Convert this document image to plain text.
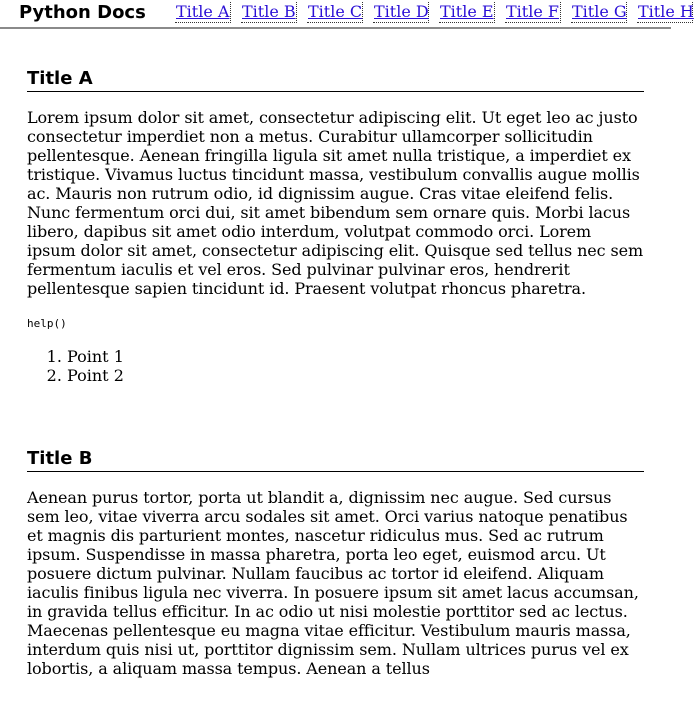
Python Docs Title A Title B Title C Title D Title E Title F Title G Title H
Title A

Lorem ipsum dolor sit amet, consectetur adipiscing elit. Ut eget leo ac justo consectetur imperdiet non a metus. Curabitur ullamcorper sollicitudin pellentesque. Aenean fringilla ligula sit amet nulla tristique, a imperdiet ex tristique. Vivamus luctus tincidunt massa, vestibulum convallis augue mollis ac. Mauris non rutrum odio, id dignissim augue. Cras vitae eleifend felis. Nunc fermentum orci dui, sit amet bibendum sem ornare quis. Morbi lacus libero, dapibus sit amet odio interdum, volutpat commodo orci. Lorem ipsum dolor sit amet, consectetur adipiscing elit. Quisque sed tellus nec sem fermentum iaculis et vel eros. Sed pulvinar pulvinar eros, hendrerit pellentesque sapien tincidunt id. Praesent volutpat rhoncus pharetra.

help()
1. Point 1
2. Point 2
Title B

Aenean purus tortor, porta ut blandit a, dignissim nec augue. Sed cursus sem leo, vitae viverra arcu sodales sit amet. Orci varius natoque penatibus et magnis dis parturient montes, nascetur ridiculus mus. Sed ac rutrum ipsum. Suspendisse in massa pharetra, porta leo eget, euismod arcu. Ut posuere dictum pulvinar. Nullam faucibus ac tortor id eleifend. Aliquam iaculis finibus ligula nec viverra. In posuere ipsum sit amet lacus accumsan, in gravida tellus efficitur. In ac odio ut nisi molestie porttitor sed ac lectus. Maecenas pellentesque eu magna vitae efficitur. Vestibulum mauris massa, interdum quis nisi ut, porttitor dignissim sem. Nullam ultrices purus vel ex lobortis, a aliquam massa tempus. Aenean a tellus
